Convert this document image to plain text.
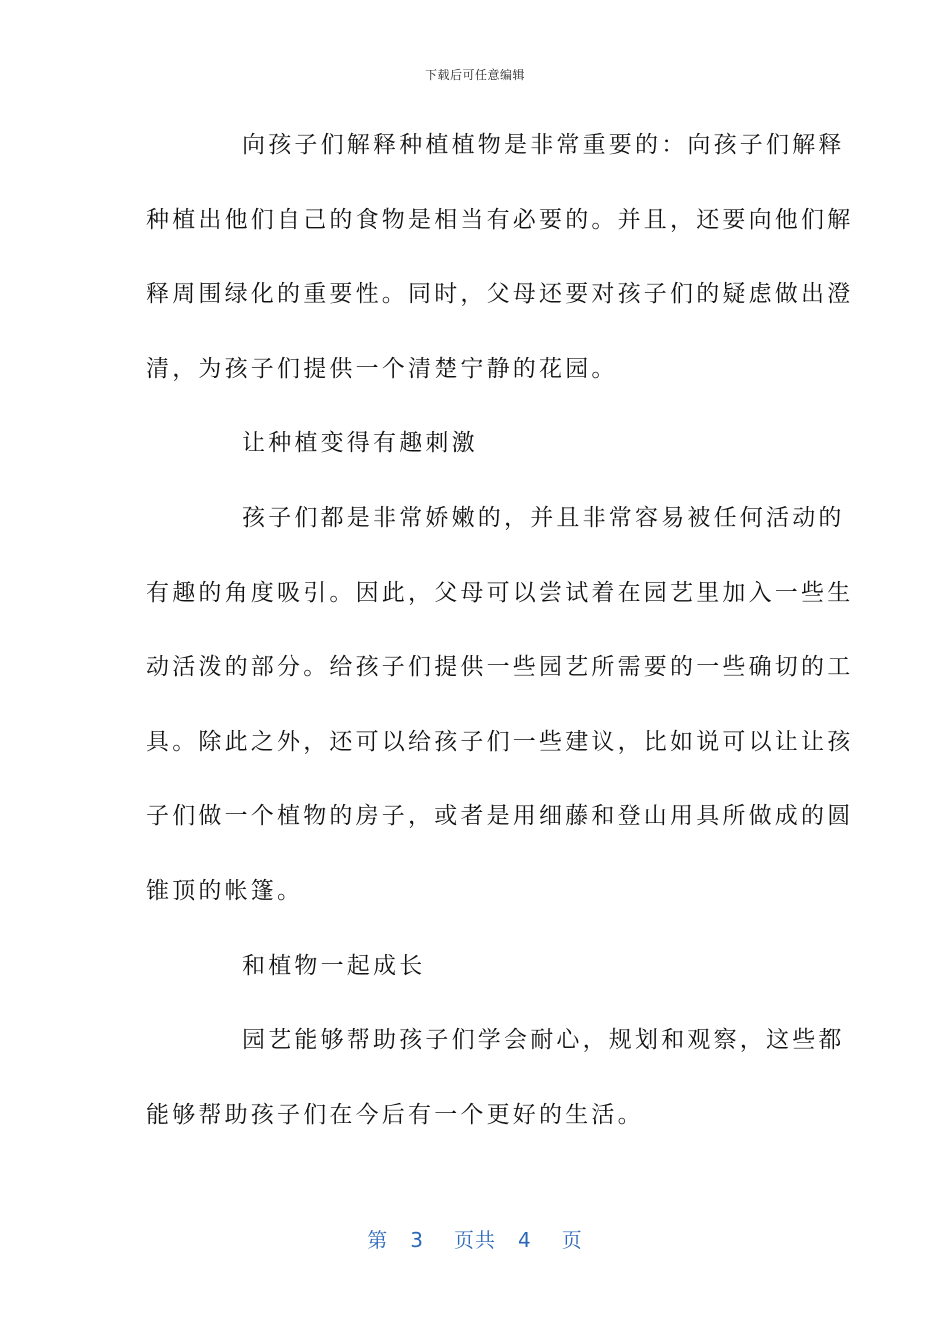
下载后可任意编辑
向孩子们解释种植植物是非常重要的：向孩子们解释
种植出他们自己的食物是相当有必要的。并且，还要向他们解
释周围绿化的重要性。同时，父母还要对孩子们的疑虑做出澄
清，为孩子们提供一个清楚宁静的花园。
让种植变得有趣刺激
孩子们都是非常娇嫩的，并且非常容易被任何活动的
有趣的角度吸引。因此，父母可以尝试着在园艺里加入一些生
动活泼的部分。给孩子们提供一些园艺所需要的一些确切的工
具。除此之外，还可以给孩子们一些建议，比如说可以让让孩
子们做一个植物的房子，或者是用细藤和登山用具所做成的圆
锥顶的帐篷。
和植物一起成长
园艺能够帮助孩子们学会耐心，规划和观察，这些都
能够帮助孩子们在今后有一个更好的生活。
第 3 页共 4 页
